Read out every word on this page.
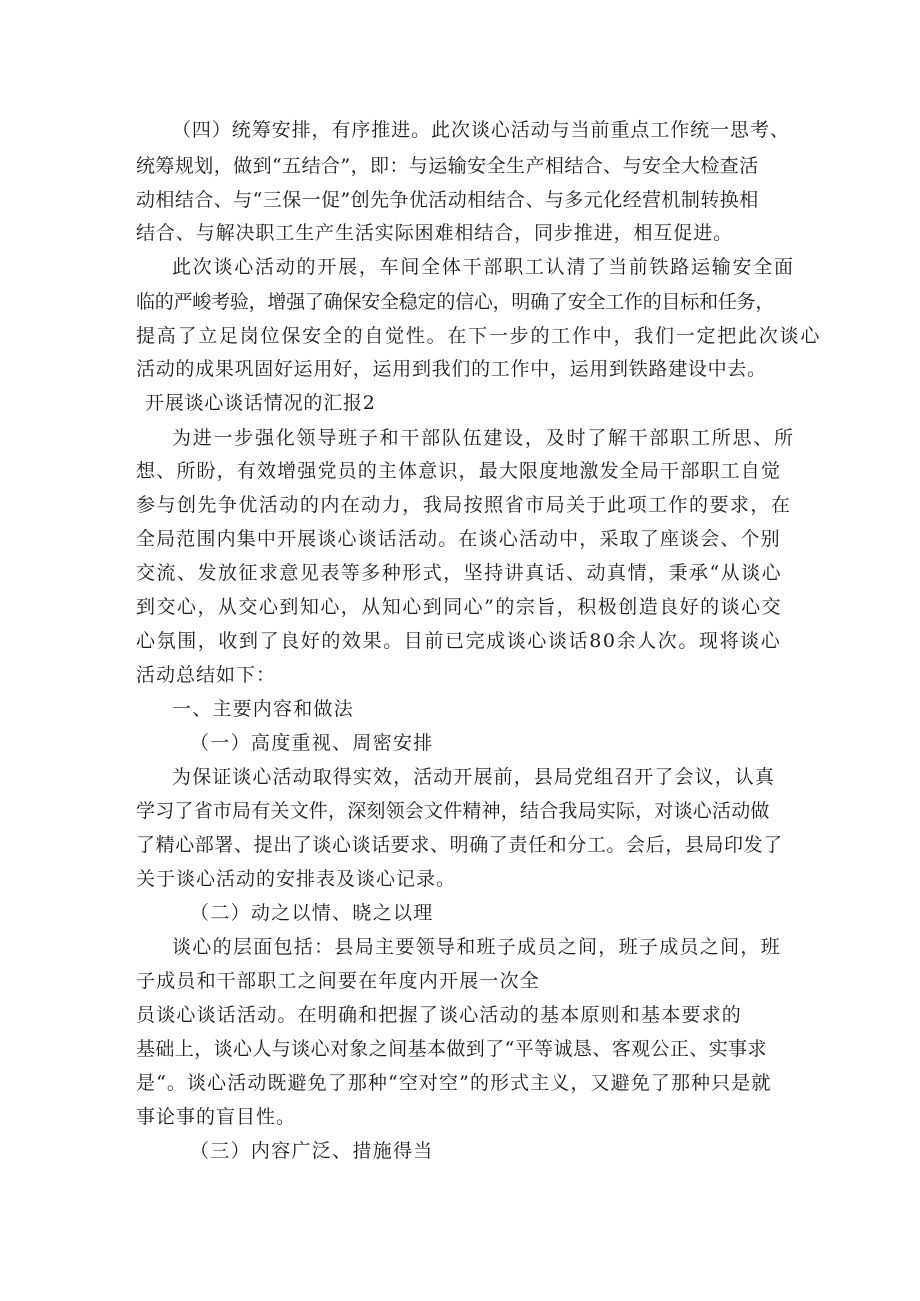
（四）统筹安排，有序推进。此次谈心活动与当前重点工作统一思考、

统筹规划，做到“五结合”，即：与运输安全生产相结合、与安全大检查活

动相结合、与“三保一促”创先争优活动相结合、与多元化经营机制转换相

结合、与解决职工生产生活实际困难相结合，同步推进，相互促进。

此次谈心活动的开展，车间全体干部职工认清了当前铁路运输安全面

临的严峻考验，增强了确保安全稳定的信心，明确了安全工作的目标和任务，

提高了立足岗位保安全的自觉性。在下一步的工作中，我们一定把此次谈心

活动的成果巩固好运用好，运用到我们的工作中，运用到铁路建设中去。

开展谈心谈话情况的汇报2

为进一步强化领导班子和干部队伍建设，及时了解干部职工所思、所

想、所盼，有效增强党员的主体意识，最大限度地激发全局干部职工自觉

参与创先争优活动的内在动力，我局按照省市局关于此项工作的要求，在

全局范围内集中开展谈心谈话活动。在谈心活动中，采取了座谈会、个别

交流、发放征求意见表等多种形式，坚持讲真话、动真情，秉承“从谈心

到交心，从交心到知心，从知心到同心”的宗旨，积极创造良好的谈心交

心氛围，收到了良好的效果。目前已完成谈心谈话80余人次。现将谈心

活动总结如下：

一、主要内容和做法

（一）高度重视、周密安排

为保证谈心活动取得实效，活动开展前，县局党组召开了会议，认真

学习了省市局有关文件，深刻领会文件精神，结合我局实际，对谈心活动做

了精心部署、提出了谈心谈话要求、明确了责任和分工。会后，县局印发了

关于谈心活动的安排表及谈心记录。

（二）动之以情、晓之以理

谈心的层面包括：县局主要领导和班子成员之间，班子成员之间，班

子成员和干部职工之间要在年度内开展一次全

员谈心谈话活动。在明确和把握了谈心活动的基本原则和基本要求的

基础上，谈心人与谈心对象之间基本做到了“平等诚恳、客观公正、实事求

是“。谈心活动既避免了那种“空对空”的形式主义，又避免了那种只是就

事论事的盲目性。

（三）内容广泛、措施得当
